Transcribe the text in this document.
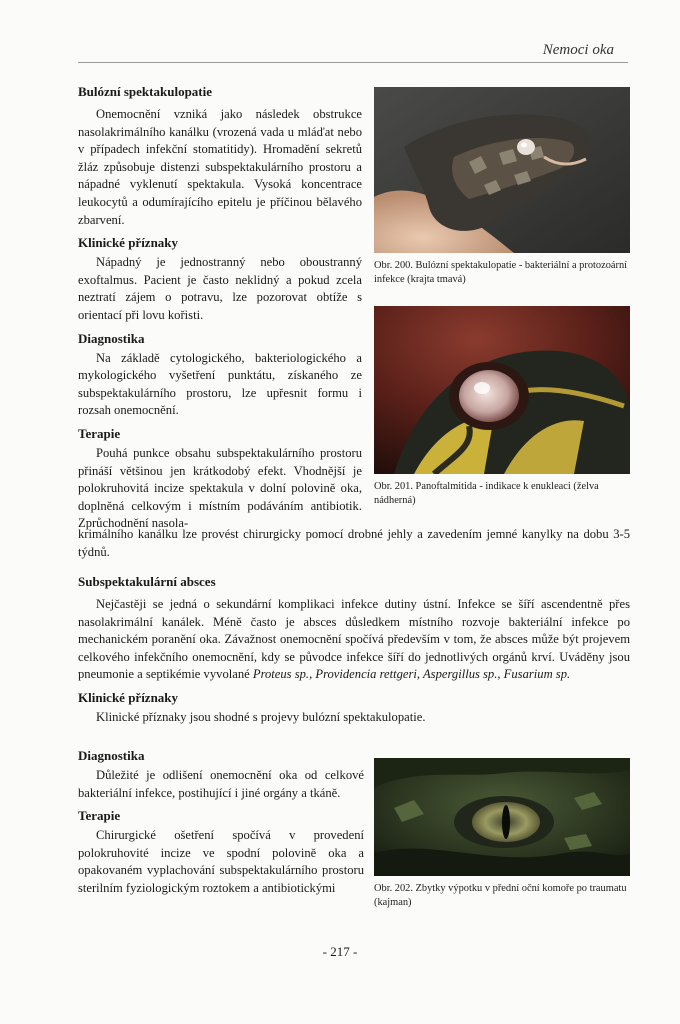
Nemoci oka
Bulózní spektakulopatie

Onemocnění vzniká jako následek obstrukce nasolakrimálního kanálku (vrozená vada u mláďat nebo v případech infekční stomatitidy). Hromadění sekretů žláz způsobuje distenzi subspektakulárního prostoru a nápadné vyklenutí spektakula. Vysoká koncentrace leukocytů a odumírajícího epitelu je příčinou bělavého zbarvení.

Klinické příznaky

Nápadný je jednostranný nebo oboustranný exoftalmus. Pacient je často neklidný a pokud zcela neztratí zájem o potravu, lze pozorovat obtíže s orientací při lovu kořisti.

Diagnostika

Na základě cytologického, bakteriologického a mykologického vyšetření punktátu, získaného ze subspektakulárního prostoru, lze upřesnit formu i rozsah onemocnění.

Terapie

Pouhá punkce obsahu subspektakulárního prostoru přináší většinou jen krátkodobý efekt. Vhodnější je polokruhovitá incize spektakula v dolní polovině oka, doplněná celkovým i místním podáváním antibiotik. Zprůchodnění nasola-

krimálního kanálku lze provést chirurgicky pomocí drobné jehly a zavedením jemné kanylky na dobu 3-5 týdnů.

Subspektakulární absces

Nejčastěji se jedná o sekundární komplikaci infekce dutiny ústní. Infekce se šíří ascendentně přes nasolakrimální kanálek. Méně často je absces důsledkem místního rozvoje bakteriální infekce po mechanickém poranění oka. Závažnost onemocnění spočívá především v tom, že absces může být projevem celkového infekčního onemocnění, kdy se původce infekce šíří do jednotlivých orgánů krví. Uváděny jsou pneumonie a septikémie vyvolané Proteus sp., Providencia rettgeri, Aspergillus sp., Fusarium sp.

Klinické příznaky

Klinické příznaky jsou shodné s projevy bulózní spektakulopatie.

Diagnostika

Důležité je odlišení onemocnění oka od celkové bakteriální infekce, postihující i jiné orgány a tkáně.

Terapie

Chirurgické ošetření spočívá v provedení polokruhovité incize ve spodní polovině oka a opakovaném vyplachování subspektakulárního prostoru sterilním fyziologickým roztokem a antibiotickými

Obr. 200. Bulózní spektakulopatie - bakteriální a protozoární infekce (krajta tmavá)
Obr. 201. Panoftalmitida - indikace k enukleaci (želva nádherná)
Obr. 202. Zbytky výpotku v přední oční komoře po traumatu (kajman)
- 217 -
